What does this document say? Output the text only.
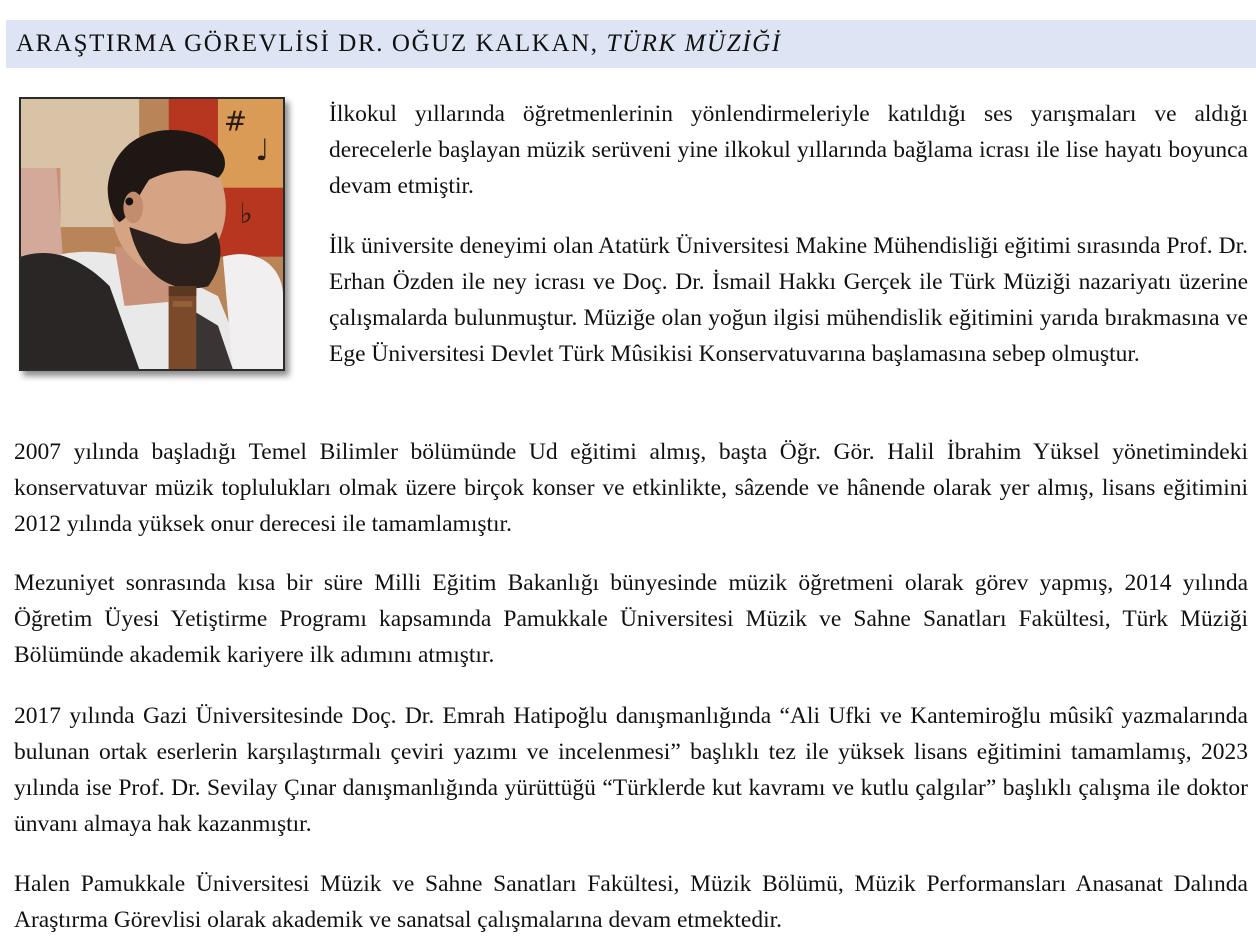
ARAŞTIRMA GÖREVLİSİ DR. OĞUZ KALKAN,
TÜRK MÜZİĞİ
#
♩
♭

İlkokul yıllarında öğretmenlerinin yönlendirmeleriyle katıldığı ses yarışmaları ve aldığı derecelerle başlayan müzik serüveni yine ilkokul yıllarında bağlama icrası ile lise hayatı boyunca devam etmiştir.

İlk üniversite deneyimi olan Atatürk Üniversitesi Makine Mühendisliği eğitimi sırasında Prof. Dr. Erhan Özden ile ney icrası ve Doç. Dr. İsmail Hakkı Gerçek ile Türk Müziği nazariyatı üzerine çalışmalarda bulunmuştur. Müziğe olan yoğun ilgisi mühendislik eğitimini yarıda bırakmasına ve Ege Üniversitesi Devlet Türk Mûsikisi Konservatuvarına başlamasına sebep olmuştur.

2007 yılında başladığı Temel Bilimler bölümünde Ud eğitimi almış, başta Öğr. Gör. Halil İbrahim Yüksel yönetimindeki konservatuvar müzik toplulukları olmak üzere birçok konser ve etkinlikte, sâzende ve hânende olarak yer almış, lisans eğitimini 2012 yılında yüksek onur derecesi ile tamamlamıştır.

Mezuniyet sonrasında kısa bir süre Milli Eğitim Bakanlığı bünyesinde müzik öğretmeni olarak görev yapmış, 2014 yılında Öğretim Üyesi Yetiştirme Programı kapsamında Pamukkale Üniversitesi Müzik ve Sahne Sanatları Fakültesi, Türk Müziği Bölümünde akademik kariyere ilk adımını atmıştır.

2017 yılında Gazi Üniversitesinde Doç. Dr. Emrah Hatipoğlu danışmanlığında “Ali Ufki ve Kantemiroğlu mûsikî yazmalarında bulunan ortak eserlerin karşılaştırmalı çeviri yazımı ve incelenmesi” başlıklı tez ile yüksek lisans eğitimini tamamlamış, 2023 yılında ise Prof. Dr. Sevilay Çınar danışmanlığında yürüttüğü “Türklerde kut kavramı ve kutlu çalgılar” başlıklı çalışma ile doktor ünvanı almaya hak kazanmıştır.

Halen Pamukkale Üniversitesi Müzik ve Sahne Sanatları Fakültesi, Müzik Bölümü, Müzik Performansları Anasanat Dalında Araştırma Görevlisi olarak akademik ve sanatsal çalışmalarına devam etmektedir.
